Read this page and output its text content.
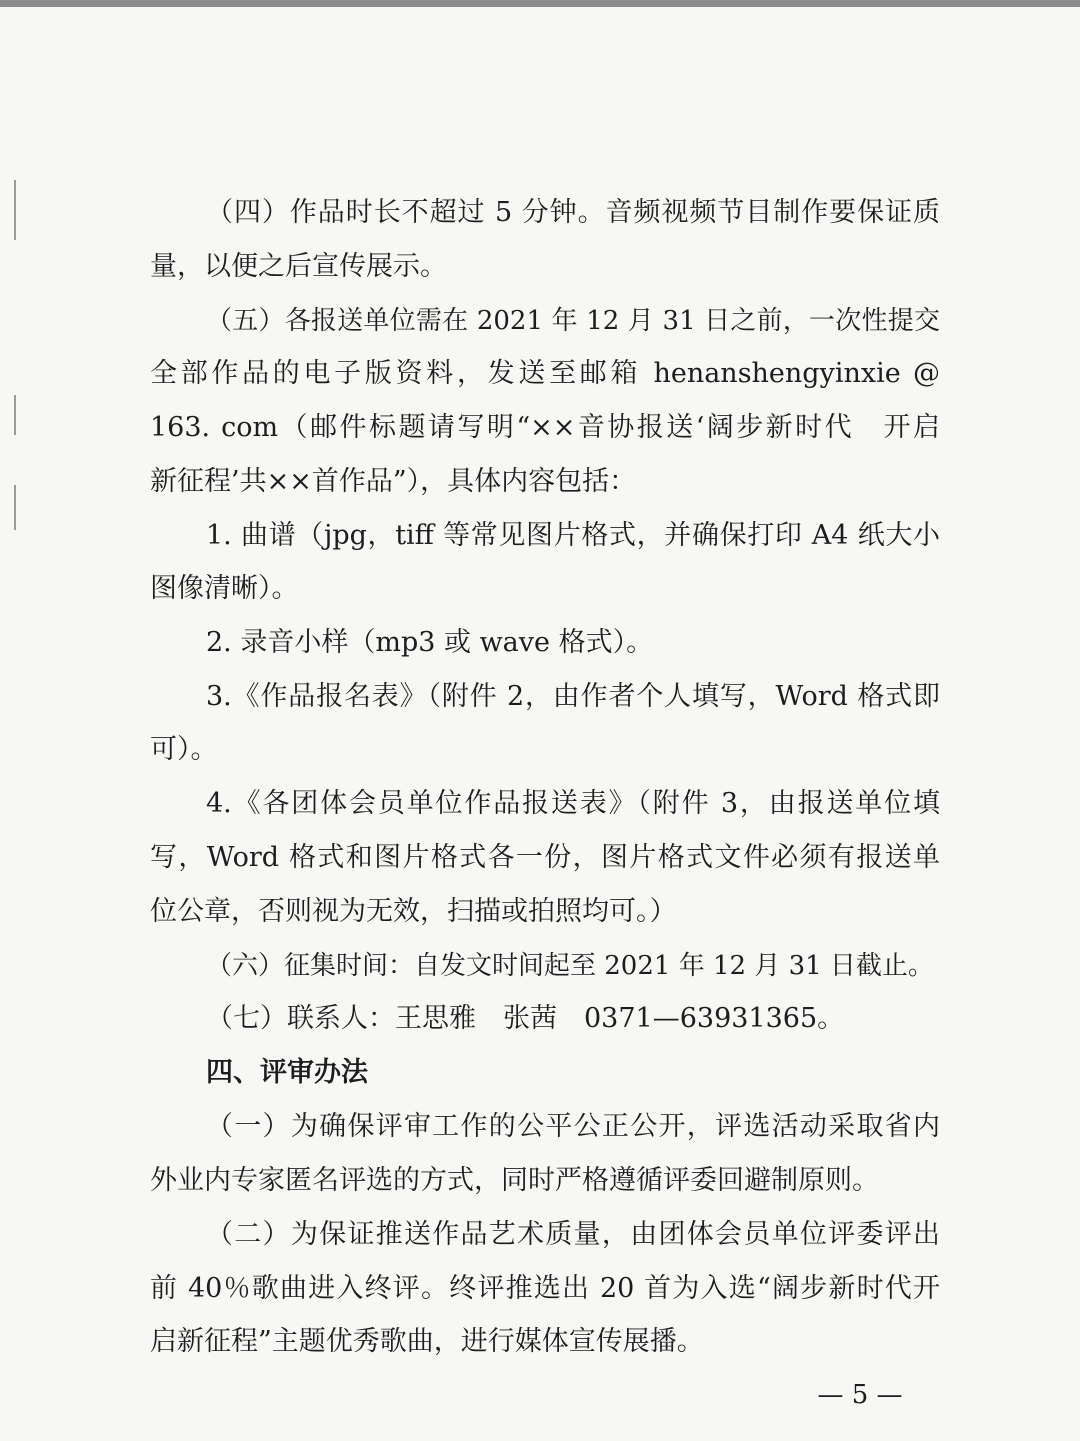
（四）作品时长不超过 5 分钟。音频视频节目制作要保证质
量，以便之后宣传展示。
（五）各报送单位需在 2021 年 12 月 31 日之前，一次性提交
全部作品的电子版资料，发送至邮箱 henanshengyinxie @
163. com（邮件标题请写明“××音协报送‘阔步新时代　开启
新征程’共××首作品”），具体内容包括：
1. 曲谱（jpg，tiff 等常见图片格式，并确保打印 A4 纸大小
图像清晰）。
2. 录音小样（mp3 或 wave 格式）。
3.《作品报名表》（附件 2，由作者个人填写，Word 格式即
可）。
4.《各团体会员单位作品报送表》（附件 3，由报送单位填
写，Word 格式和图片格式各一份，图片格式文件必须有报送单
位公章，否则视为无效，扫描或拍照均可。）
（六）征集时间：自发文时间起至 2021 年 12 月 31 日截止。
（七）联系人：王思雅　张茜　0371—63931365。
四、评审办法
（一）为确保评审工作的公平公正公开，评选活动采取省内
外业内专家匿名评选的方式，同时严格遵循评委回避制原则。
（二）为保证推送作品艺术质量，由团体会员单位评委评出
前 40％歌曲进入终评。终评推选出 20 首为入选“阔步新时代开
启新征程”主题优秀歌曲，进行媒体宣传展播。
— 5 —
